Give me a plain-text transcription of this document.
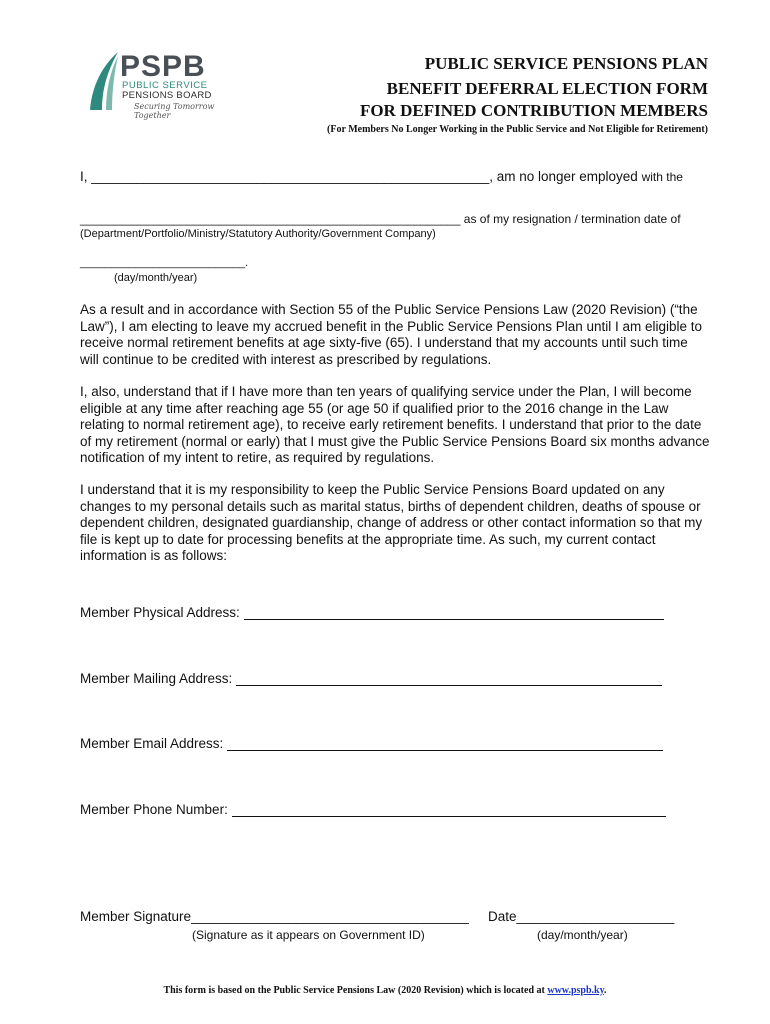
PSPB
PUBLIC SERVICE
PENSIONS BOARD
Securing Tomorrow Together
PUBLIC SERVICE PENSIONS PLAN
BENEFIT DEFERRAL ELECTION FORM
FOR DEFINED CONTRIBUTION MEMBERS
(For Members No Longer Working in the Public Service and Not Eligible for Retirement)
I, _____________________________________________________, am no longer employed with the
_________________________________________________________ as of my resignation / termination date of
(Department/Portfolio/Ministry/Statutory Authority/Government Company)
___________________________.
(day/month/year)
As a result and in accordance with Section 55 of the Public Service Pensions Law (2020 Revision) (“the Law”), I am electing to leave my accrued benefit in the Public Service Pensions Plan until I am eligible to receive normal retirement benefits at age sixty-five (65). I understand that my accounts until such time will continue to be credited with interest as prescribed by regulations.
I, also, understand that if I have more than ten years of qualifying service under the Plan, I will become eligible at any time after reaching age 55 (or age 50 if qualified prior to the 2016 change in the Law relating to normal retirement age), to receive early retirement benefits. I understand that prior to the date of my retirement (normal or early) that I must give the Public Service Pensions Board six months advance notification of my intent to retire, as required by regulations.
I understand that it is my responsibility to keep the Public Service Pensions Board updated on any changes to my personal details such as marital status, births of dependent children, deaths of spouse or dependent children, designated guardianship, change of address or other contact information so that my file is kept up to date for processing benefits at the appropriate time. As such, my current contact information is as follows:
Member Physical Address:
Member Mailing Address:
Member Email Address:
Member Phone Number:
Member Signature_____________________________________
(Signature as it appears on Government ID)
Date_____________________
(day/month/year)
This form is based on the Public Service Pensions Law (2020 Revision) which is located at www.pspb.ky.
